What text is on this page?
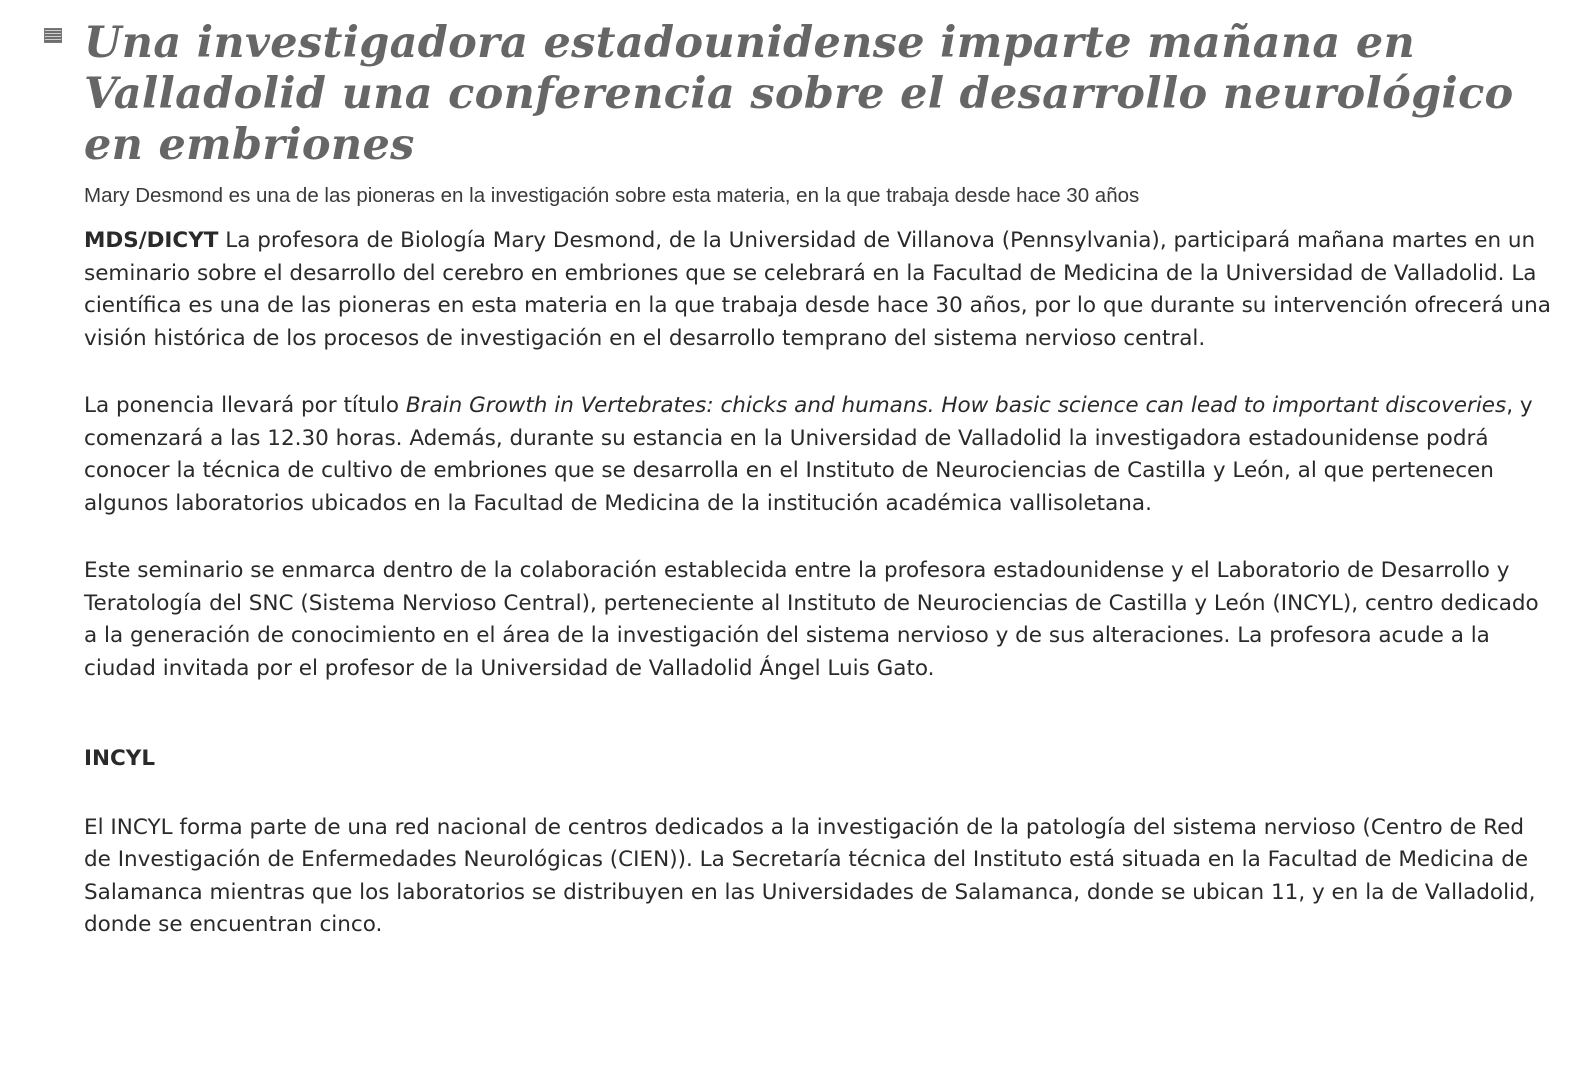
Una investigadora estadounidense imparte mañana en Valladolid una conferencia sobre el desarrollo neurológico en embriones

Mary Desmond es una de las pioneras en la investigación sobre esta materia, en la que trabaja desde hace 30 años

MDS/DICYT La profesora de Biología Mary Desmond, de la Universidad de Villanova (Pennsylvania), participará mañana martes en un seminario sobre el desarrollo del cerebro en embriones que se celebrará en la Facultad de Medicina de la Universidad de Valladolid. La científica es una de las pioneras en esta materia en la que trabaja desde hace 30 años, por lo que durante su intervención ofrecerá una visión histórica de los procesos de investigación en el desarrollo temprano del sistema nervioso central.

La ponencia llevará por título Brain Growth in Vertebrates: chicks and humans. How basic science can lead to important discoveries, y comenzará a las 12.30 horas. Además, durante su estancia en la Universidad de Valladolid la investigadora estadounidense podrá conocer la técnica de cultivo de embriones que se desarrolla en el Instituto de Neurociencias de Castilla y León, al que pertenecen algunos laboratorios ubicados en la Facultad de Medicina de la institución académica vallisoletana.

Este seminario se enmarca dentro de la colaboración establecida entre la profesora estadounidense y el Laboratorio de Desarrollo y Teratología del SNC (Sistema Nervioso Central), perteneciente al Instituto de Neurociencias de Castilla y León (INCYL), centro dedicado a la generación de conocimiento en el área de la investigación del sistema nervioso y de sus alteraciones. La profesora acude a la ciudad invitada por el profesor de la Universidad de Valladolid Ángel Luis Gato.

INCYL

El INCYL forma parte de una red nacional de centros dedicados a la investigación de la patología del sistema nervioso (Centro de Red de Investigación de Enfermedades Neurológicas (CIEN)). La Secretaría técnica del Instituto está situada en la Facultad de Medicina de Salamanca mientras que los laboratorios se distribuyen en las Universidades de Salamanca, donde se ubican 11, y en la de Valladolid, donde se encuentran cinco.
